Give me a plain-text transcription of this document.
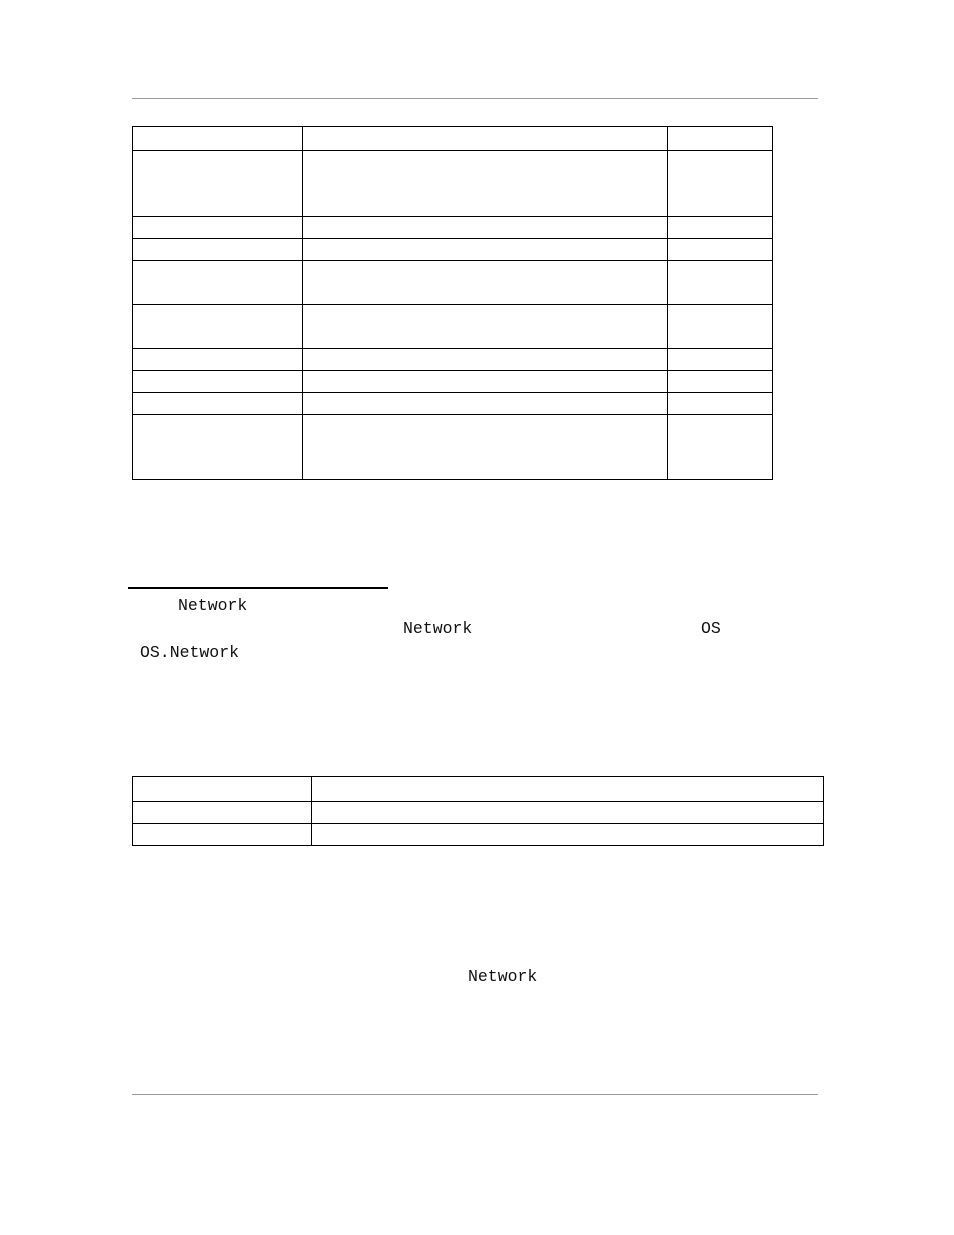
Network
Network	OS
OS.Network

Network
